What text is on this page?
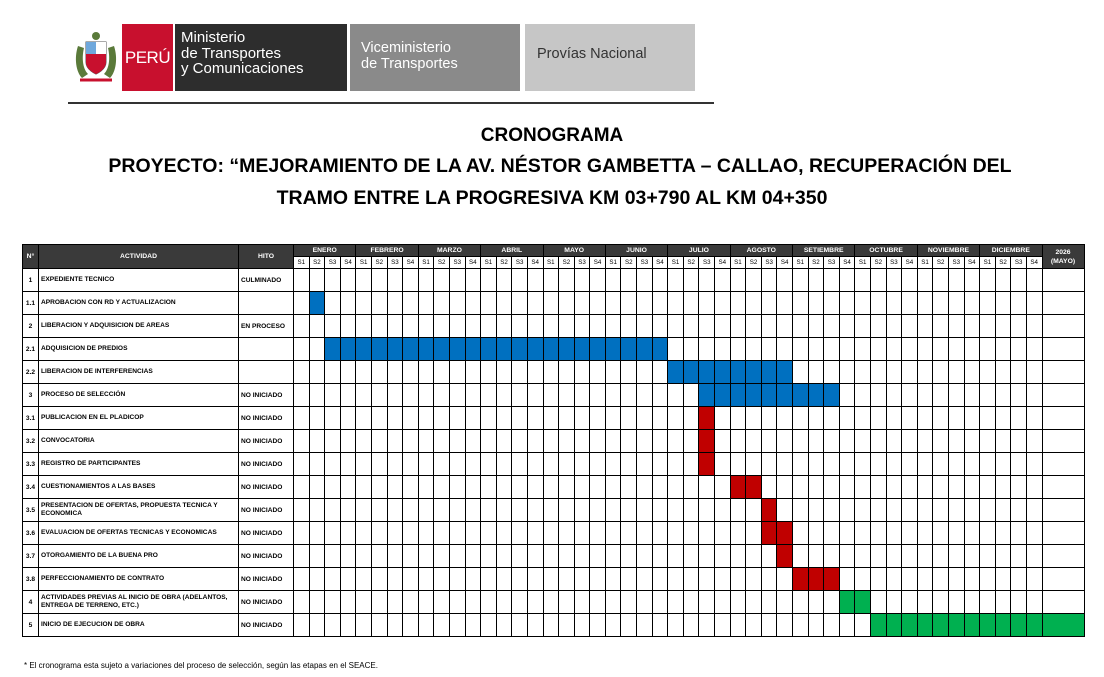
PERÚ
Ministerio
de Transportes
y Comunicaciones
Viceministerio
de Transportes
Provías Nacional
CRONOGRAMA
PROYECTO: “MEJORAMIENTO DE LA AV. NÉSTOR GAMBETTA – CALLAO, RECUPERACIÓN DEL
TRAMO ENTRE LA PROGRESIVA KM 03+790 AL KM 04+350
N°	ACTIVIDAD	HITO	ENERO				FEBRERO				MARZO				ABRIL				MAYO				JUNIO				JULIO				AGOSTO				SETIEMBRE				OCTUBRE				NOVIEMBRE				DICIEMBRE				2026
(MAYO)

			S1	S2	S3	S4	S1	S2	S3	S4	S1	S2	S3	S4	S1	S2	S3	S4	S1	S2	S3	S4	S1	S2	S3	S4	S1	S2	S3	S4	S1	S2	S3	S4	S1	S2	S3	S4	S1	S2	S3	S4	S1	S2	S3	S4	S1	S2	S3	S4	
1	EXPEDIENTE TECNICO	CULMINADO																																																	
1.1	APROBACION CON RD Y ACTUALIZACION																																																		
2	LIBERACION Y ADQUISICION DE AREAS	EN PROCESO																																																	
2.1	ADQUISICION DE PREDIOS																																																		
2.2	LIBERACION DE INTERFERENCIAS																																																		
3	PROCESO DE SELECCIÓN	NO INICIADO																																																	
3.1	PUBLICACION EN EL PLADICOP	NO INICIADO																																																	
3.2	CONVOCATORIA	NO INICIADO																																																	
3.3	REGISTRO DE PARTICIPANTES	NO INICIADO																																																	
3.4	CUESTIONAMIENTOS A LAS BASES	NO INICIADO																																																	
3.5	PRESENTACION DE OFERTAS, PROPUESTA TECNICA Y ECONOMICA	NO INICIADO																																																	
3.6	EVALUACION DE OFERTAS TECNICAS Y ECONOMICAS	NO INICIADO																																																	
3.7	OTORGAMIENTO DE LA BUENA PRO	NO INICIADO																																																	
3.8	PERFECCIONAMIENTO DE CONTRATO	NO INICIADO																																																	
4	ACTIVIDADES PREVIAS AL INICIO DE OBRA (ADELANTOS, ENTREGA DE TERRENO, ETC.)	NO INICIADO																																																	
5	INICIO DE EJECUCION DE OBRA	NO INICIADO																																																	
* El cronograma esta sujeto a variaciones del proceso de selección, según las etapas en el SEACE.
